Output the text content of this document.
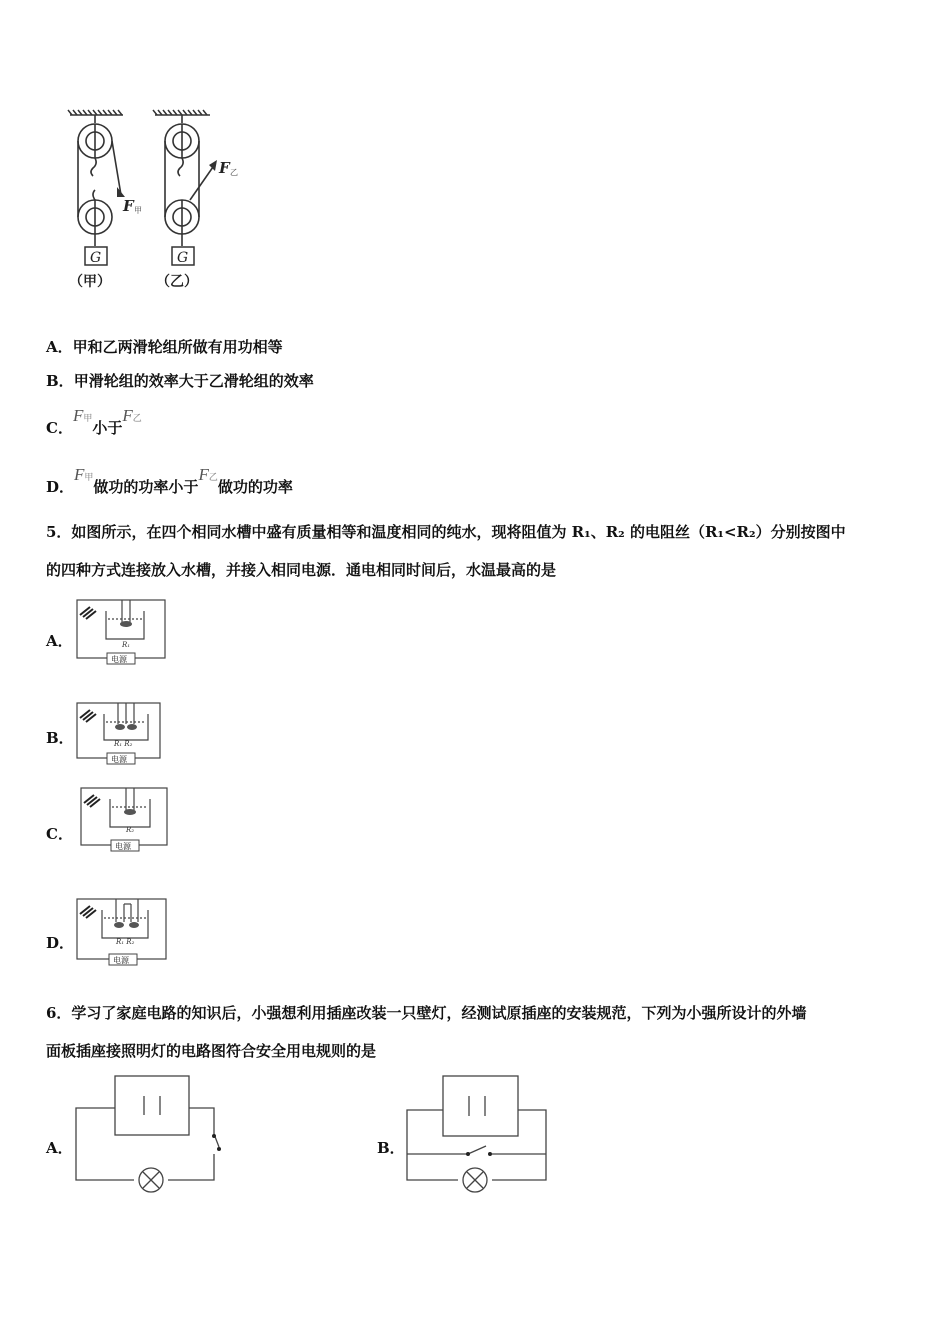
F 甲
G
（甲）
F 乙
G
（乙）
A．甲和乙两滑轮组所做有用功相等
B．甲滑轮组的效率大于乙滑轮组的效率
C．F甲小于F乙
D．F甲做功的功率小于F乙做功的功率
5．如图所示，在四个相同水槽中盛有质量相等和温度相同的纯水，现将阻值为 R₁、R₂ 的电阻丝（R₁<R₂）分别按图中
的四种方式连接放入水槽，并接入相同电源．通电相同时间后，水温最高的是
A．	R₁
电源
B．	R₁ R₂
电源
C．	R₂
电源
D．	R₁ R₂
电源
6．学习了家庭电路的知识后，小强想利用插座改装一只壁灯，经测试原插座的安装规范，下列为小强所设计的外墙
面板插座接照明灯的电路图符合安全用电规则的是
A．	B．
